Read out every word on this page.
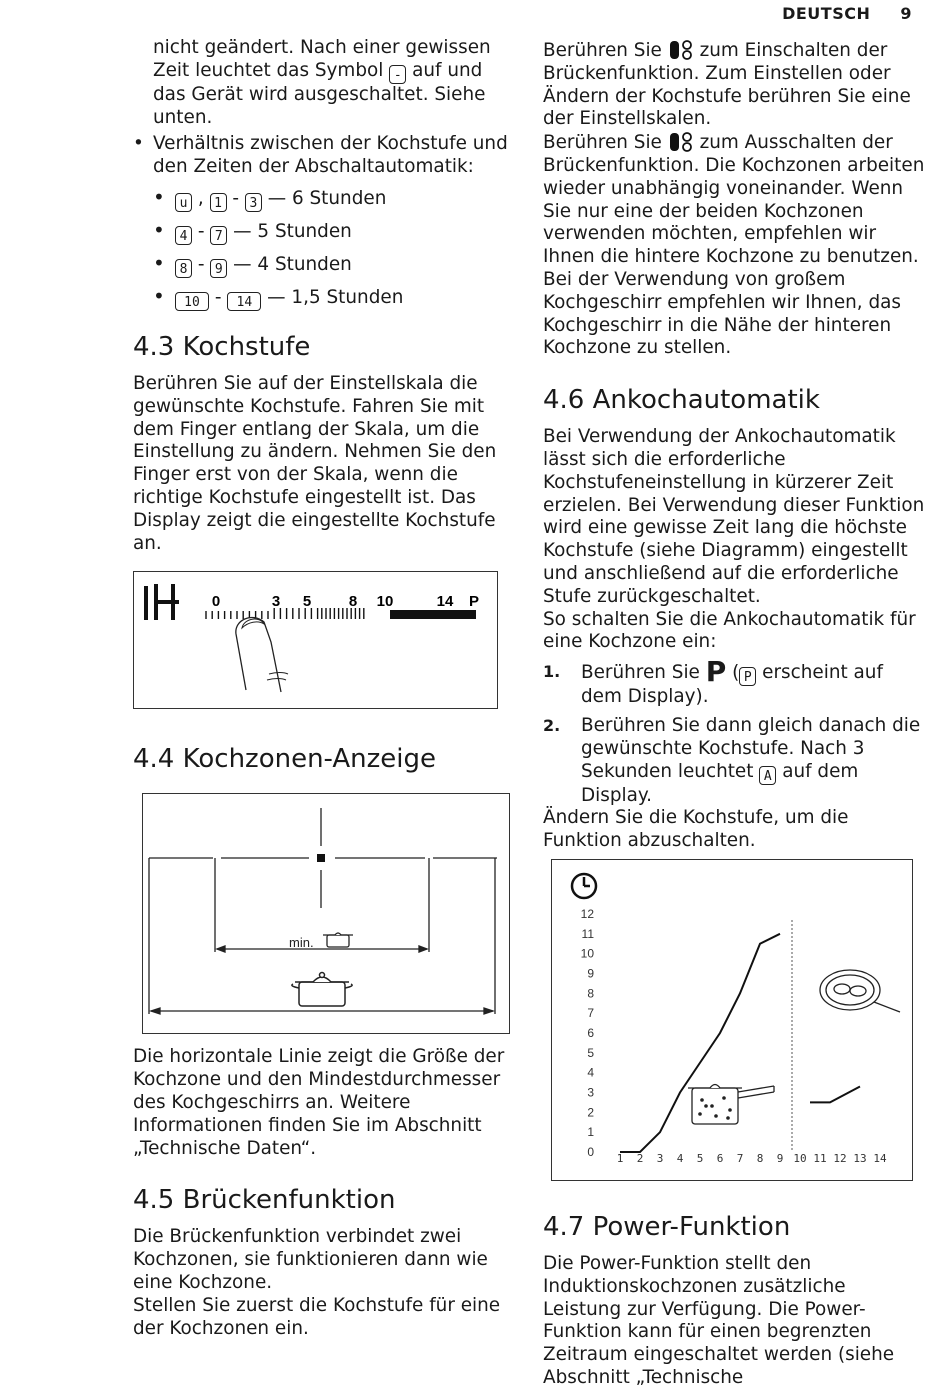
DEUTSCH 9

nicht geändert. Nach einer gewissen
Zeit leuchtet das Symbol - auf und das Gerät wird ausgeschaltet. Siehe unten.

• Verhältnis zwischen der Kochstufe und den Zeiten der Abschaltautomatik:

• u , 1 - 3 — 6 Stunden
• 4 - 7 — 5 Stunden
• 8 - 9 — 4 Stunden
• 10 - 14 — 1,5 Stunden
4.3 Kochstufe

Berühren Sie auf der Einstellskala die gewünschte Kochstufe. Fahren Sie mit dem Finger entlang der Skala, um die Einstellung zu ändern. Nehmen Sie den Finger erst von der Skala, wenn die richtige Kochstufe eingestellt ist. Das Display zeigt die eingestellte Kochstufe an.

0	3 5	8 10	14 P
4.4 Kochzonen-Anzeige
min.

Die horizontale Linie zeigt die Größe der Kochzone und den Mindestdurchmesser des Kochgeschirrs an. Weitere Informationen finden Sie im Abschnitt „Technische Daten“.

4.5 Brückenfunktion

Die Brückenfunktion verbindet zwei Kochzonen, sie funktionieren dann wie eine Kochzone.

Stellen Sie zuerst die Kochstufe für eine der Kochzonen ein.

Berühren Sie zum Einschalten der Brückenfunktion. Zum Einstellen oder Ändern der Kochstufe berühren Sie eine der Einstellskalen.

Berühren Sie zum Ausschalten der Brückenfunktion. Die Kochzonen arbeiten wieder unabhängig voneinander. Wenn Sie nur eine der beiden Kochzonen verwenden möchten, empfehlen wir Ihnen die hintere Kochzone zu benutzen. Bei der Verwendung von großem Kochgeschirr empfehlen wir Ihnen, das Kochgeschirr in die Nähe der hinteren Kochzone zu stellen.

4.6 Ankochautomatik

Bei Verwendung der Ankochautomatik lässt sich die erforderliche Kochstufeneinstellung in kürzerer Zeit erzielen. Bei Verwendung dieser Funktion wird eine gewisse Zeit lang die höchste Kochstufe (siehe Diagramm) eingestellt und anschließend auf die erforderliche Stufe zurückgeschaltet.

So schalten Sie die Ankochautomatik für eine Kochzone ein:

1. Berühren Sie P ( P erscheint auf dem Display).
2. Berühren Sie dann gleich danach die gewünschte Kochstufe. Nach 3 Sekunden leuchtet A auf dem Display.

Ändern Sie die Kochstufe, um die Funktion abzuschalten.

0
1
2
3
4
5
6
7
8
9
10
11
12
1 2 3 4 5 6 7 8 9 10 11 12 13 14
4.7 Power-Funktion

Die Power-Funktion stellt den Induktionskochzonen zusätzliche Leistung zur Verfügung. Die Power-Funktion kann für einen begrenzten Zeitraum eingeschaltet werden (siehe Abschnitt „Technische
